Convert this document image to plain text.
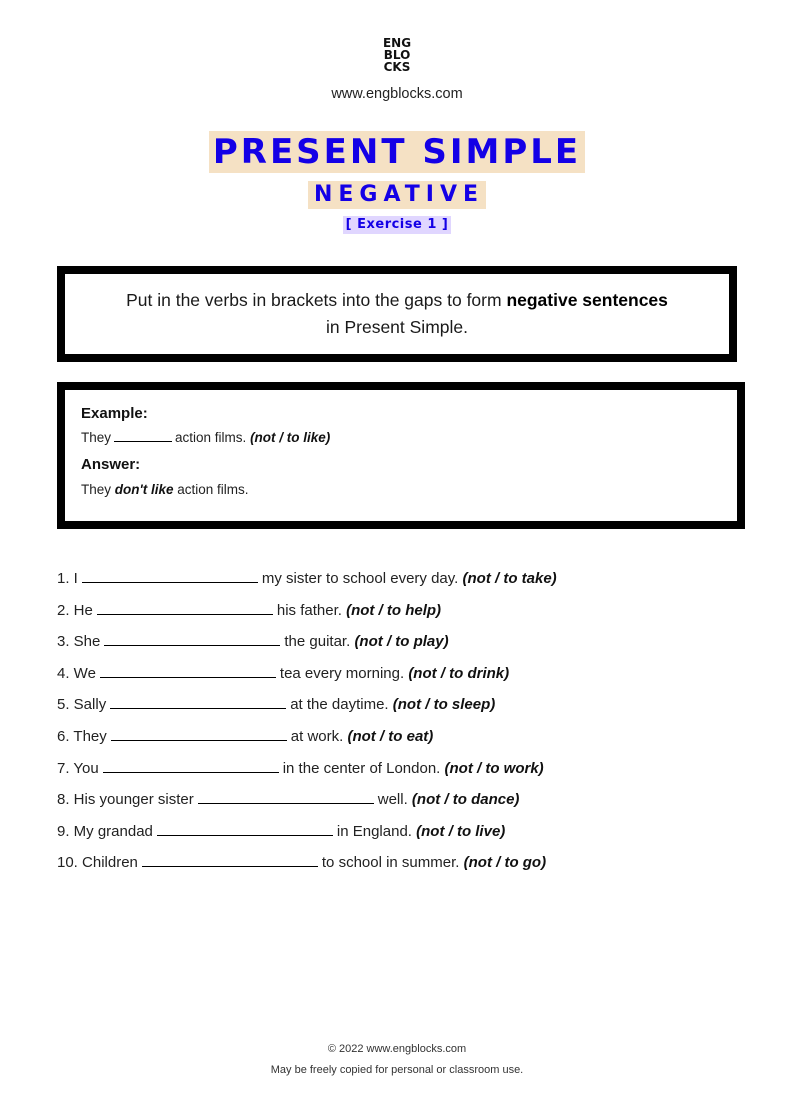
ENG
BLO
CKS
www.engblocks.com
PRESENT SIMPLE
NEGATIVE
[ Exercise 1 ]
Put in the verbs in brackets into the gaps to form negative sentences
in Present Simple.

Example:

They	action films. (not / to like)

Answer:

They don't like action films.

1. I	my sister to school every day. (not / to take)
2. He	his father. (not / to help)
3. She	the guitar. (not / to play)
4. We	tea every morning. (not / to drink)
5. Sally	at the daytime. (not / to sleep)
6. They	at work. (not / to eat)
7. You	in the center of London. (not / to work)
8. His younger sister	well. (not / to dance)
9. My grandad	in England. (not / to live)
10. Children	to school in summer. (not / to go)
© 2022 www.engblocks.com
May be freely copied for personal or classroom use.
